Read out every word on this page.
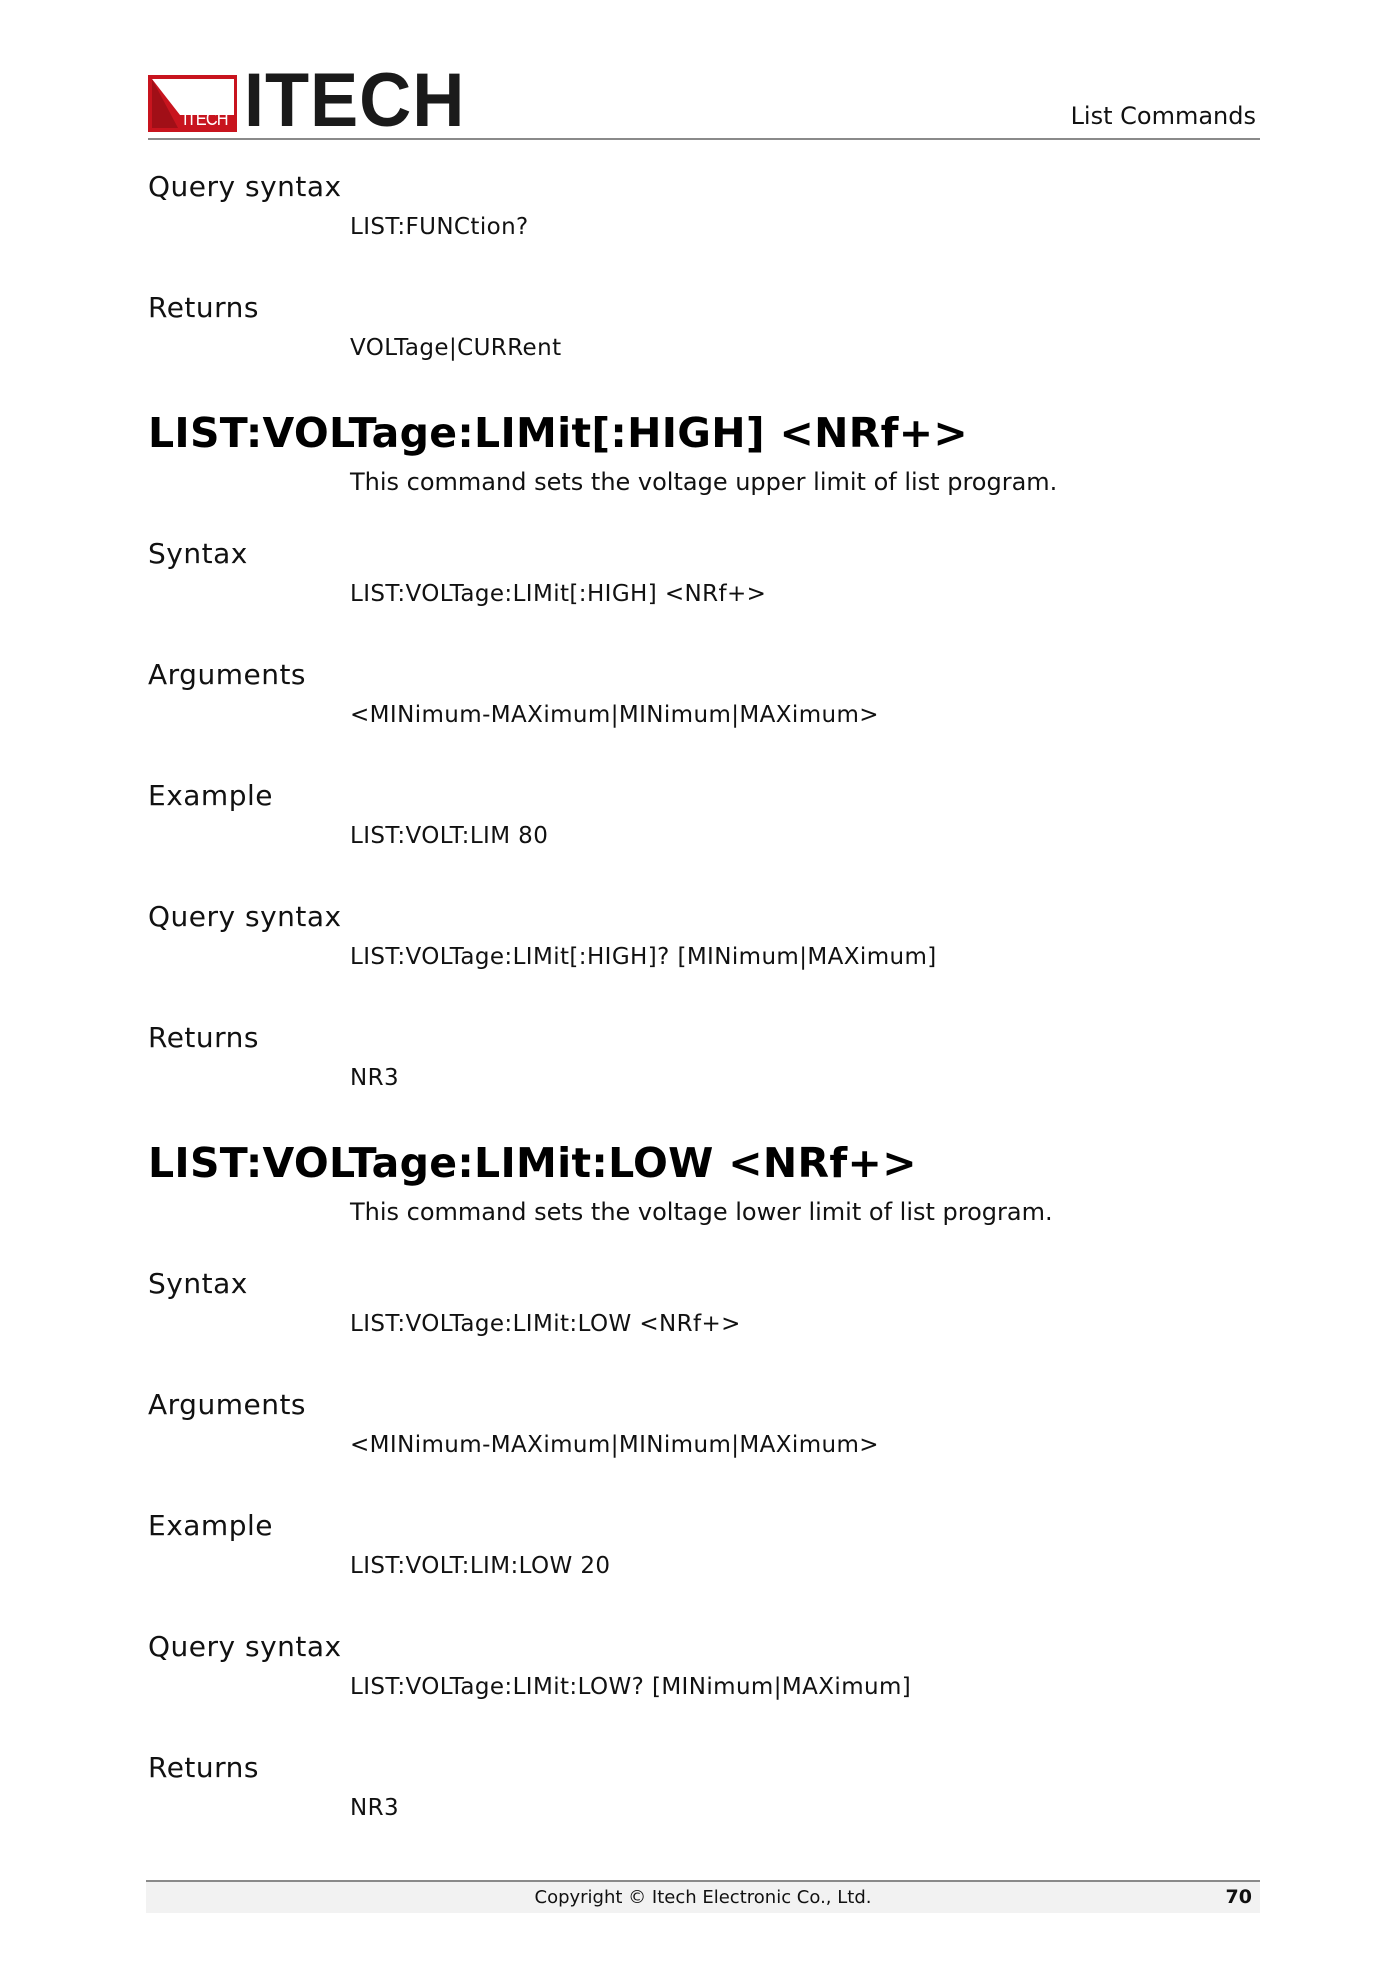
ITECH ITECH	List Commands

Query syntax

LIST:FUNCtion?

Returns

VOLTage|CURRent

LIST:VOLTage:LIMit[:HIGH] <NRf+>

This command sets the voltage upper limit of list program.

Syntax

LIST:VOLTage:LIMit[:HIGH] <NRf+>

Arguments

<MINimum-MAXimum|MINimum|MAXimum>

Example

LIST:VOLT:LIM 80

Query syntax

LIST:VOLTage:LIMit[:HIGH]? [MINimum|MAXimum]

Returns

NR3

LIST:VOLTage:LIMit:LOW <NRf+>

This command sets the voltage lower limit of list program.

Syntax

LIST:VOLTage:LIMit:LOW <NRf+>

Arguments

<MINimum-MAXimum|MINimum|MAXimum>

Example

LIST:VOLT:LIM:LOW 20

Query syntax

LIST:VOLTage:LIMit:LOW? [MINimum|MAXimum]

Returns

NR3

Copyright © Itech Electronic Co., Ltd.	70
